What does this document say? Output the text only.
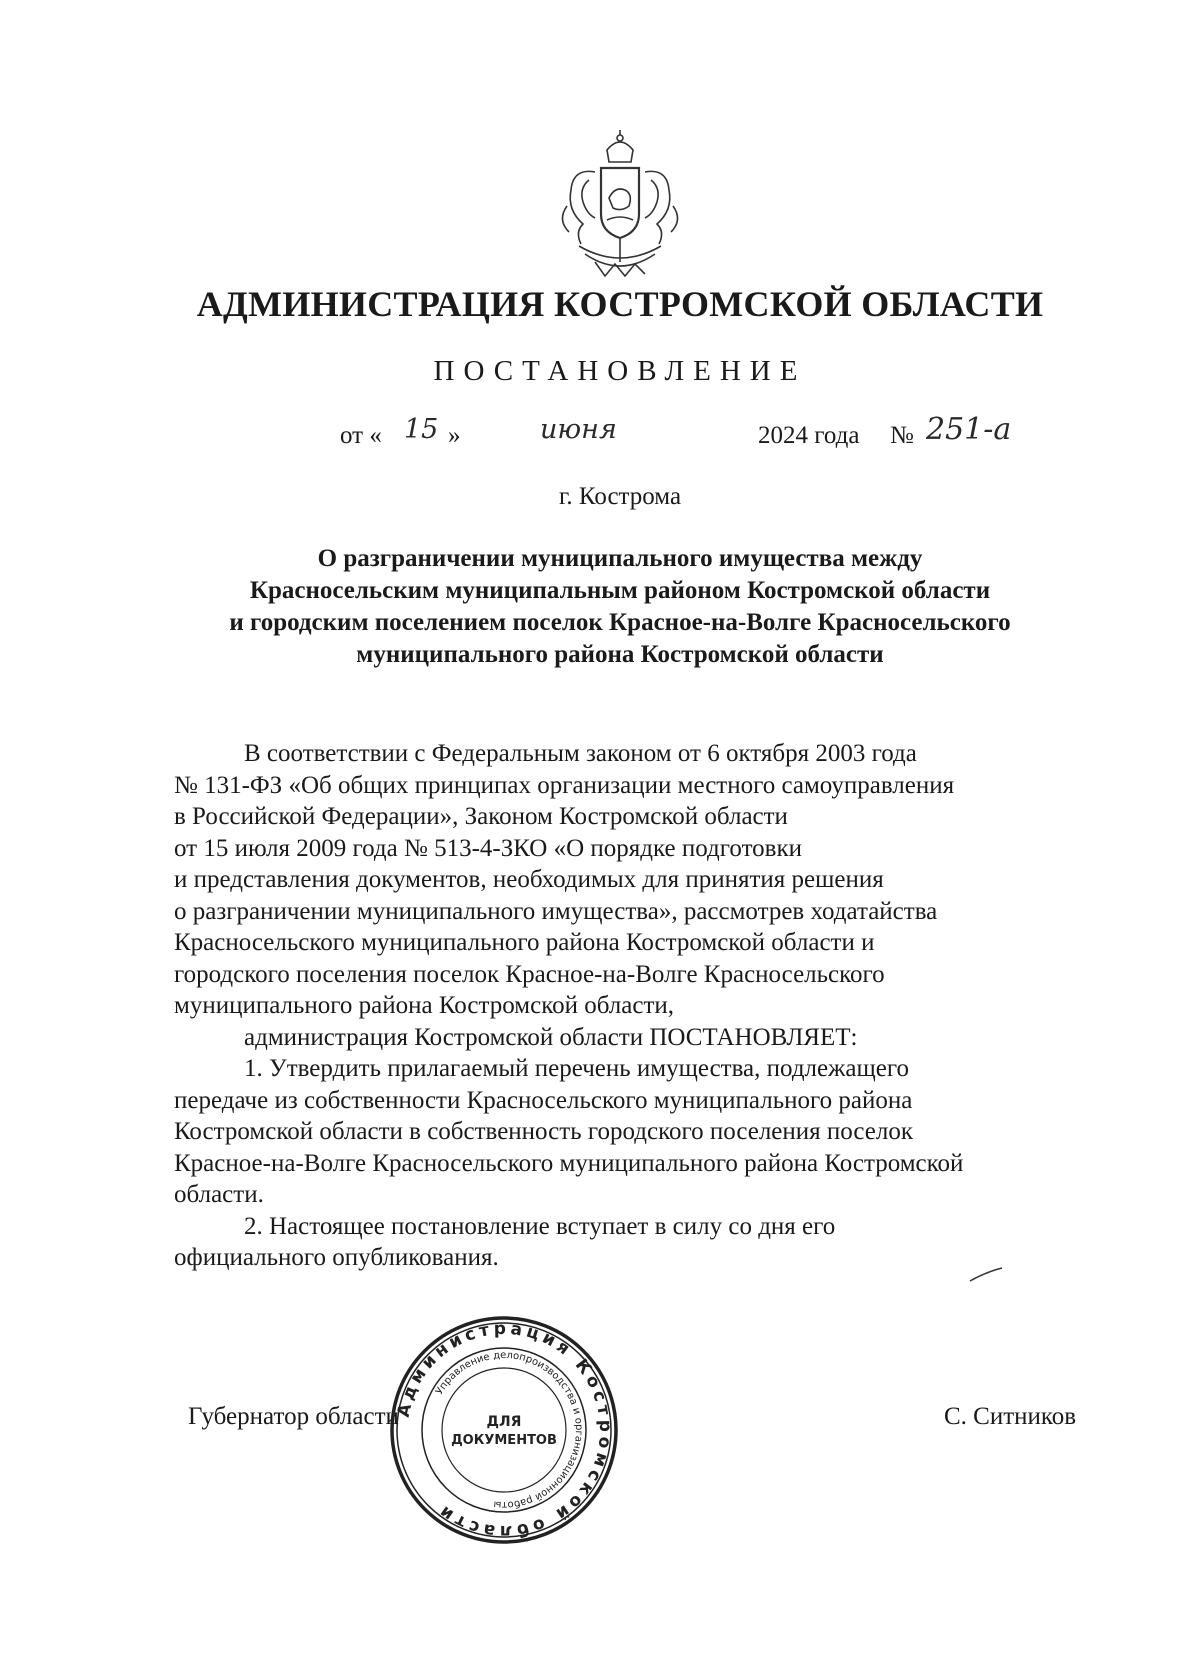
АДМИНИСТРАЦИЯ КОСТРОМСКОЙ ОБЛАСТИ
ПОСТАНОВЛЕНИЕ
от « 15 »	июня	2024 года № 251-а
г. Кострома
О разграничении муниципального имущества между
Красносельским муниципальным районом Костромской области
и городским поселением поселок Красное-на-Волге Красносельского
муниципального района Костромской области

В соответствии с Федеральным законом от 6 октября 2003 года

№ 131-ФЗ «Об общих принципах организации местного самоуправления

в Российской Федерации», Законом Костромской области

от 15 июля 2009 года № 513-4-ЗКО «О порядке подготовки

и представления документов, необходимых для принятия решения

о разграничении муниципального имущества», рассмотрев ходатайства

Красносельского муниципального района Костромской области и

городского поселения поселок Красное-на-Волге Красносельского

муниципального района Костромской области,

администрация Костромской области ПОСТАНОВЛЯЕТ:

1. Утвердить прилагаемый перечень имущества, подлежащего

передаче из собственности Красносельского муниципального района

Костромской области в собственность городского поселения поселок

Красное-на-Волге Красносельского муниципального района Костромской

области.

2. Настоящее постановление вступает в силу со дня его

официального опубликования.

Губернатор области	С. Ситников
Администрация Костромской области
Управление делопроизводства и организационной работы
ДЛЯ
ДОКУМЕНТОВ
